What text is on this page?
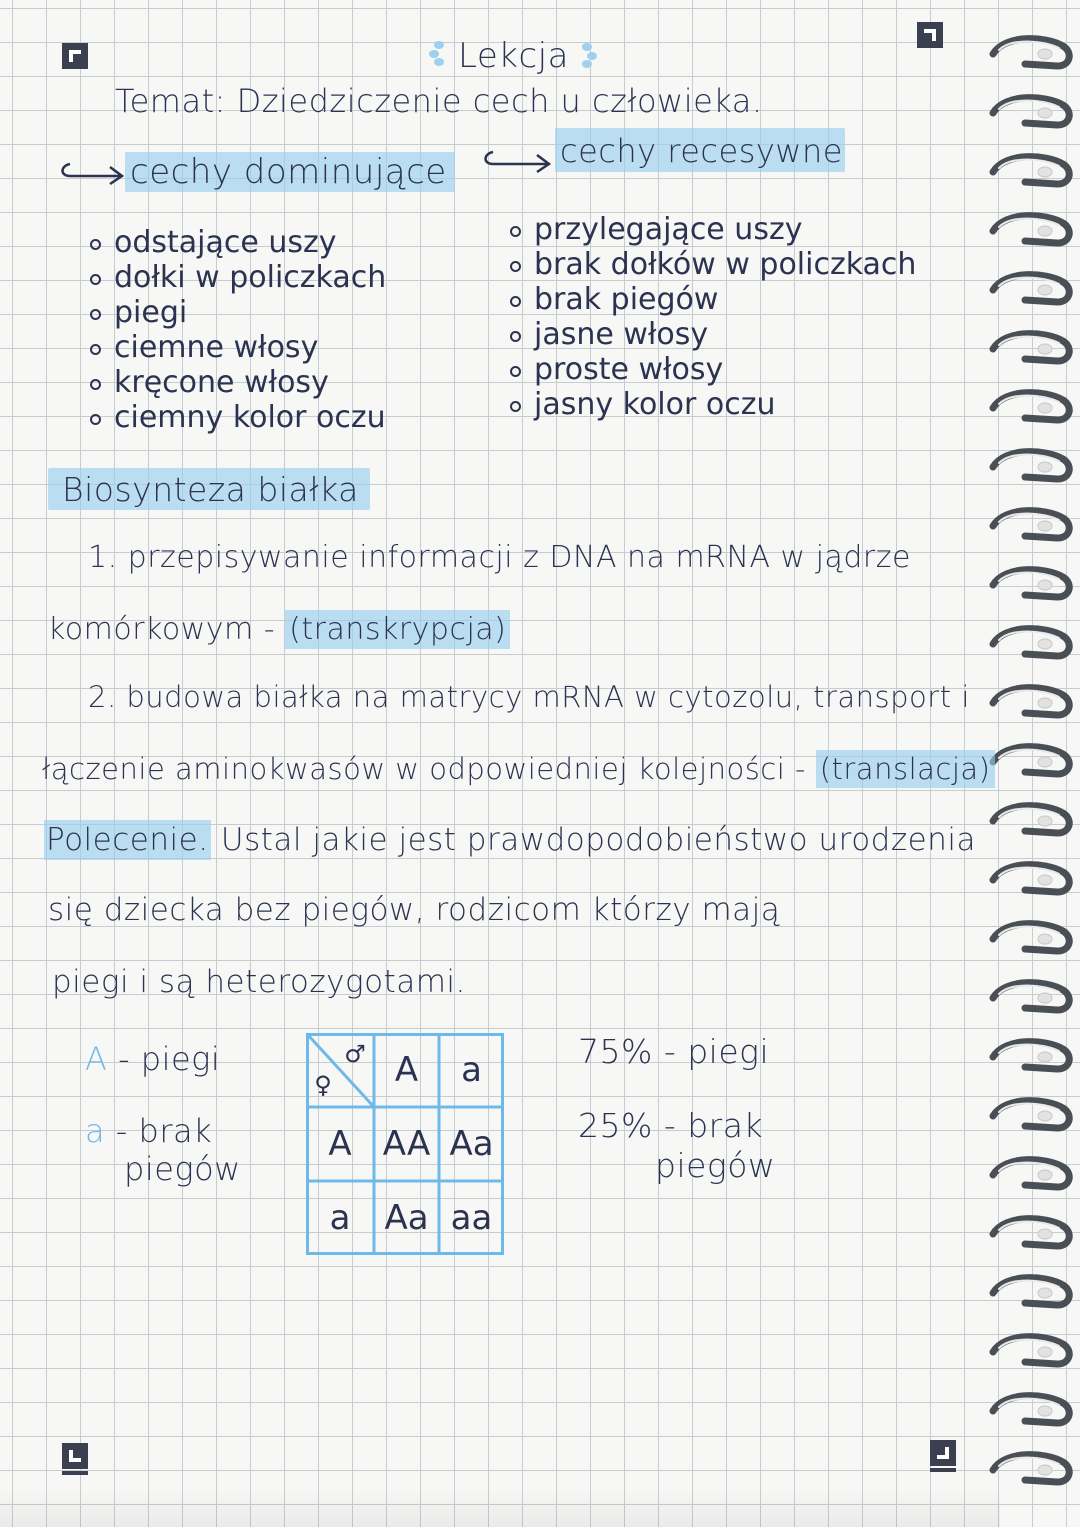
Lekcja
Temat: Dziedziczenie cech u człowieka.
cechy dominujące
cechy recesywne
odstające uszy
dołki w policzkach
piegi
ciemne włosy
kręcone włosy
ciemny kolor oczu
przylegające uszy
brak dołków w policzkach
brak piegów
jasne włosy
proste włosy
jasny kolor oczu
Biosynteza białka
1. przepisywanie informacji z DNA na mRNA w jądrze
komórkowym - (transkrypcja)
2. budowa białka na matrycy mRNA w cytozolu, transport i
łączenie aminokwasów w odpowiedniej kolejności - (translacja)
Polecenie. Ustal jakie jest prawdopodobieństwo urodzenia
się dziecka bez piegów, rodzicom którzy mają
piegi i są heterozygotami.
A - piegi
a - brak
piegów
♀
♂ A	a
A
a
AA Aa
Aa aa
75% - piegi
25% - brak
piegów
